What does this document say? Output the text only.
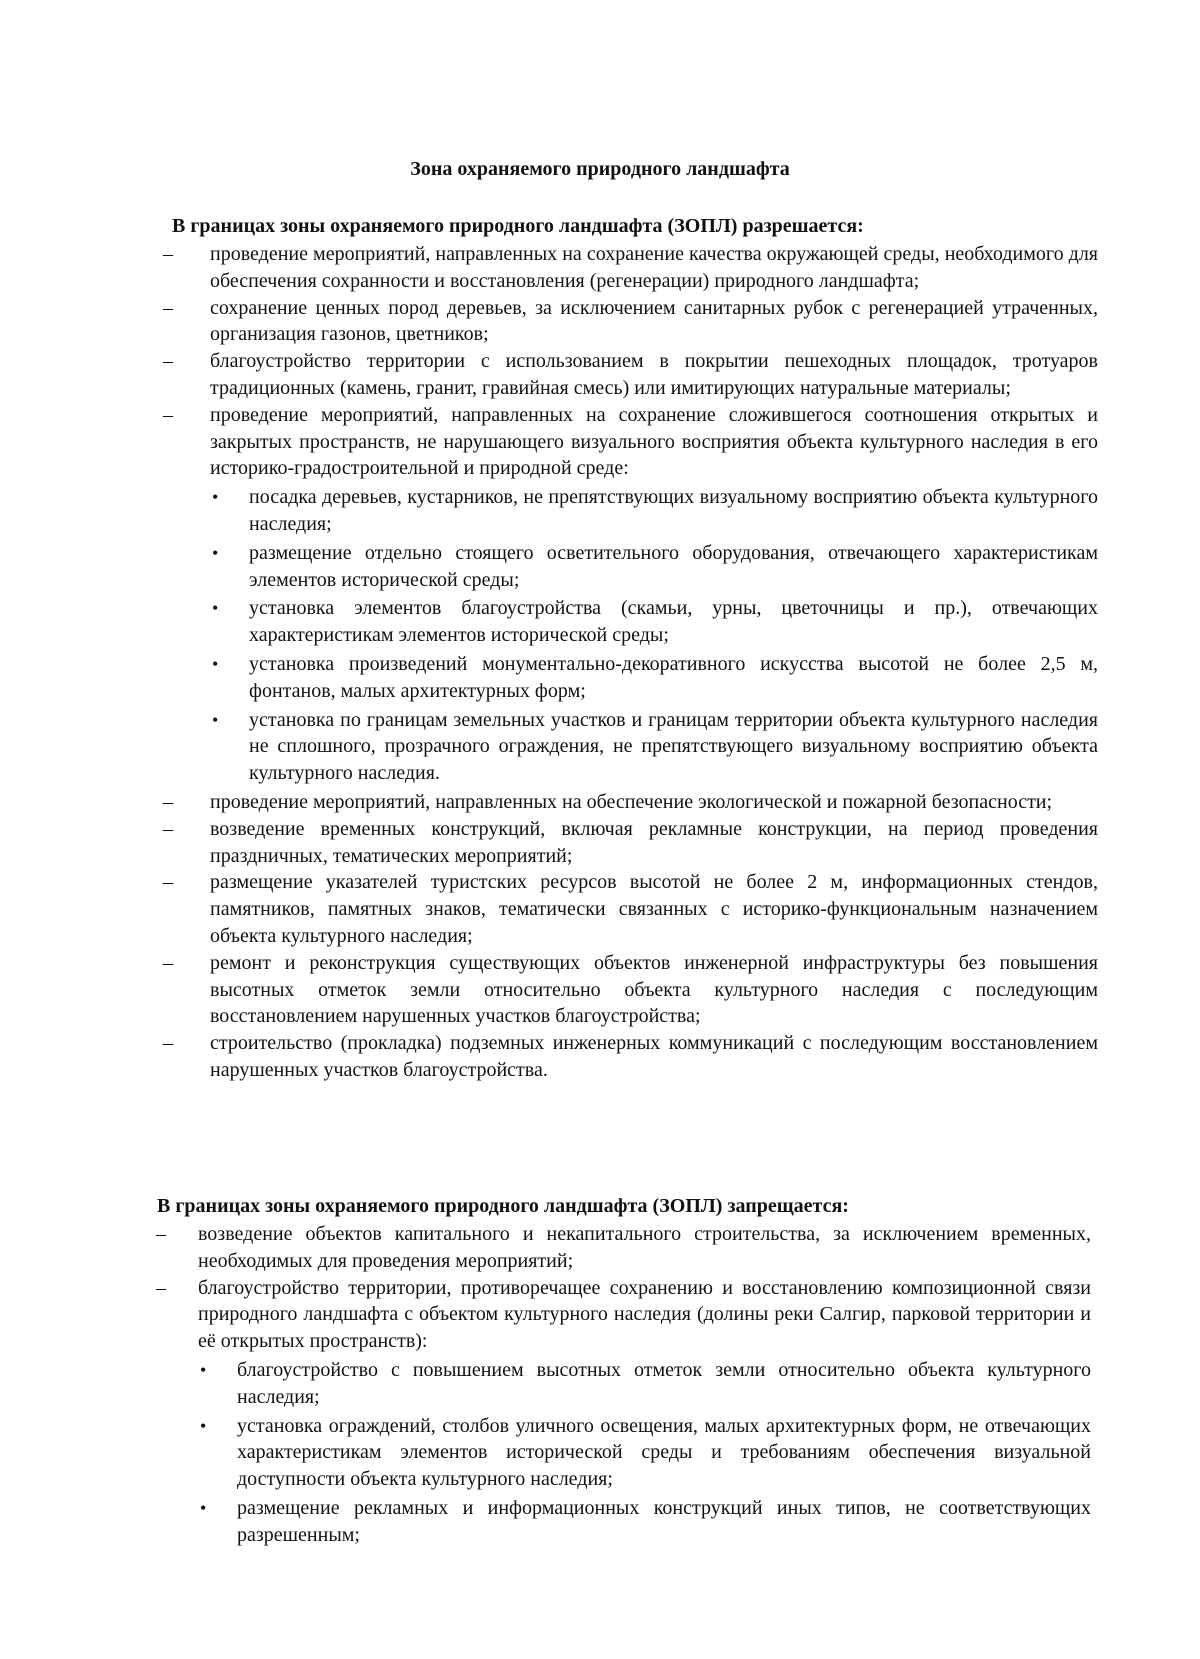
Зона охраняемого природного ландшафта
В границах зоны охраняемого природного ландшафта (ЗОПЛ) разрешается:
– проведение мероприятий, направленных на сохранение качества окружающей среды, необходимого для обеспечения сохранности и восстановления (регенерации) природного ландшафта;
– сохранение ценных пород деревьев, за исключением санитарных рубок с регенерацией утраченных, организация газонов, цветников;
– благоустройство территории с использованием в покрытии пешеходных площадок, тротуаров традиционных (камень, гранит, гравийная смесь) или имитирующих натуральные материалы;
– проведение мероприятий, направленных на сохранение сложившегося соотношения открытых и закрытых пространств, не нарушающего визуального восприятия объекта культурного наследия в его историко-градостроительной и природной среде:
• посадка деревьев, кустарников, не препятствующих визуальному восприятию объекта культурного наследия;
• размещение отдельно стоящего осветительного оборудования, отвечающего характеристикам элементов исторической среды;
• установка элементов благоустройства (скамьи, урны, цветочницы и пр.), отвечающих характеристикам элементов исторической среды;
• установка произведений монументально-декоративного искусства высотой не более 2,5 м, фонтанов, малых архитектурных форм;
• установка по границам земельных участков и границам территории объекта культурного наследия не сплошного, прозрачного ограждения, не препятствующего визуальному восприятию объекта культурного наследия.
– проведение мероприятий, направленных на обеспечение экологической и пожарной безопасности;
– возведение временных конструкций, включая рекламные конструкции, на период проведения праздничных, тематических мероприятий;
– размещение указателей туристских ресурсов высотой не более 2 м, информационных стендов, памятников, памятных знаков, тематически связанных с историко-функциональным назначением объекта культурного наследия;
– ремонт и реконструкция существующих объектов инженерной инфраструктуры без повышения высотных отметок земли относительно объекта культурного наследия с последующим восстановлением нарушенных участков благоустройства;
– строительство (прокладка) подземных инженерных коммуникаций с последующим восстановлением нарушенных участков благоустройства.
В границах зоны охраняемого природного ландшафта (ЗОПЛ) запрещается:
– возведение объектов капитального и некапитального строительства, за исключением временных, необходимых для проведения мероприятий;
– благоустройство территории, противоречащее сохранению и восстановлению композиционной связи природного ландшафта с объектом культурного наследия (долины реки Салгир, парковой территории и её открытых пространств):
• благоустройство с повышением высотных отметок земли относительно объекта культурного наследия;
• установка ограждений, столбов уличного освещения, малых архитектурных форм, не отвечающих характеристикам элементов исторической среды и требованиям обеспечения визуальной доступности объекта культурного наследия;
• размещение рекламных и информационных конструкций иных типов, не соответствующих разрешенным;
